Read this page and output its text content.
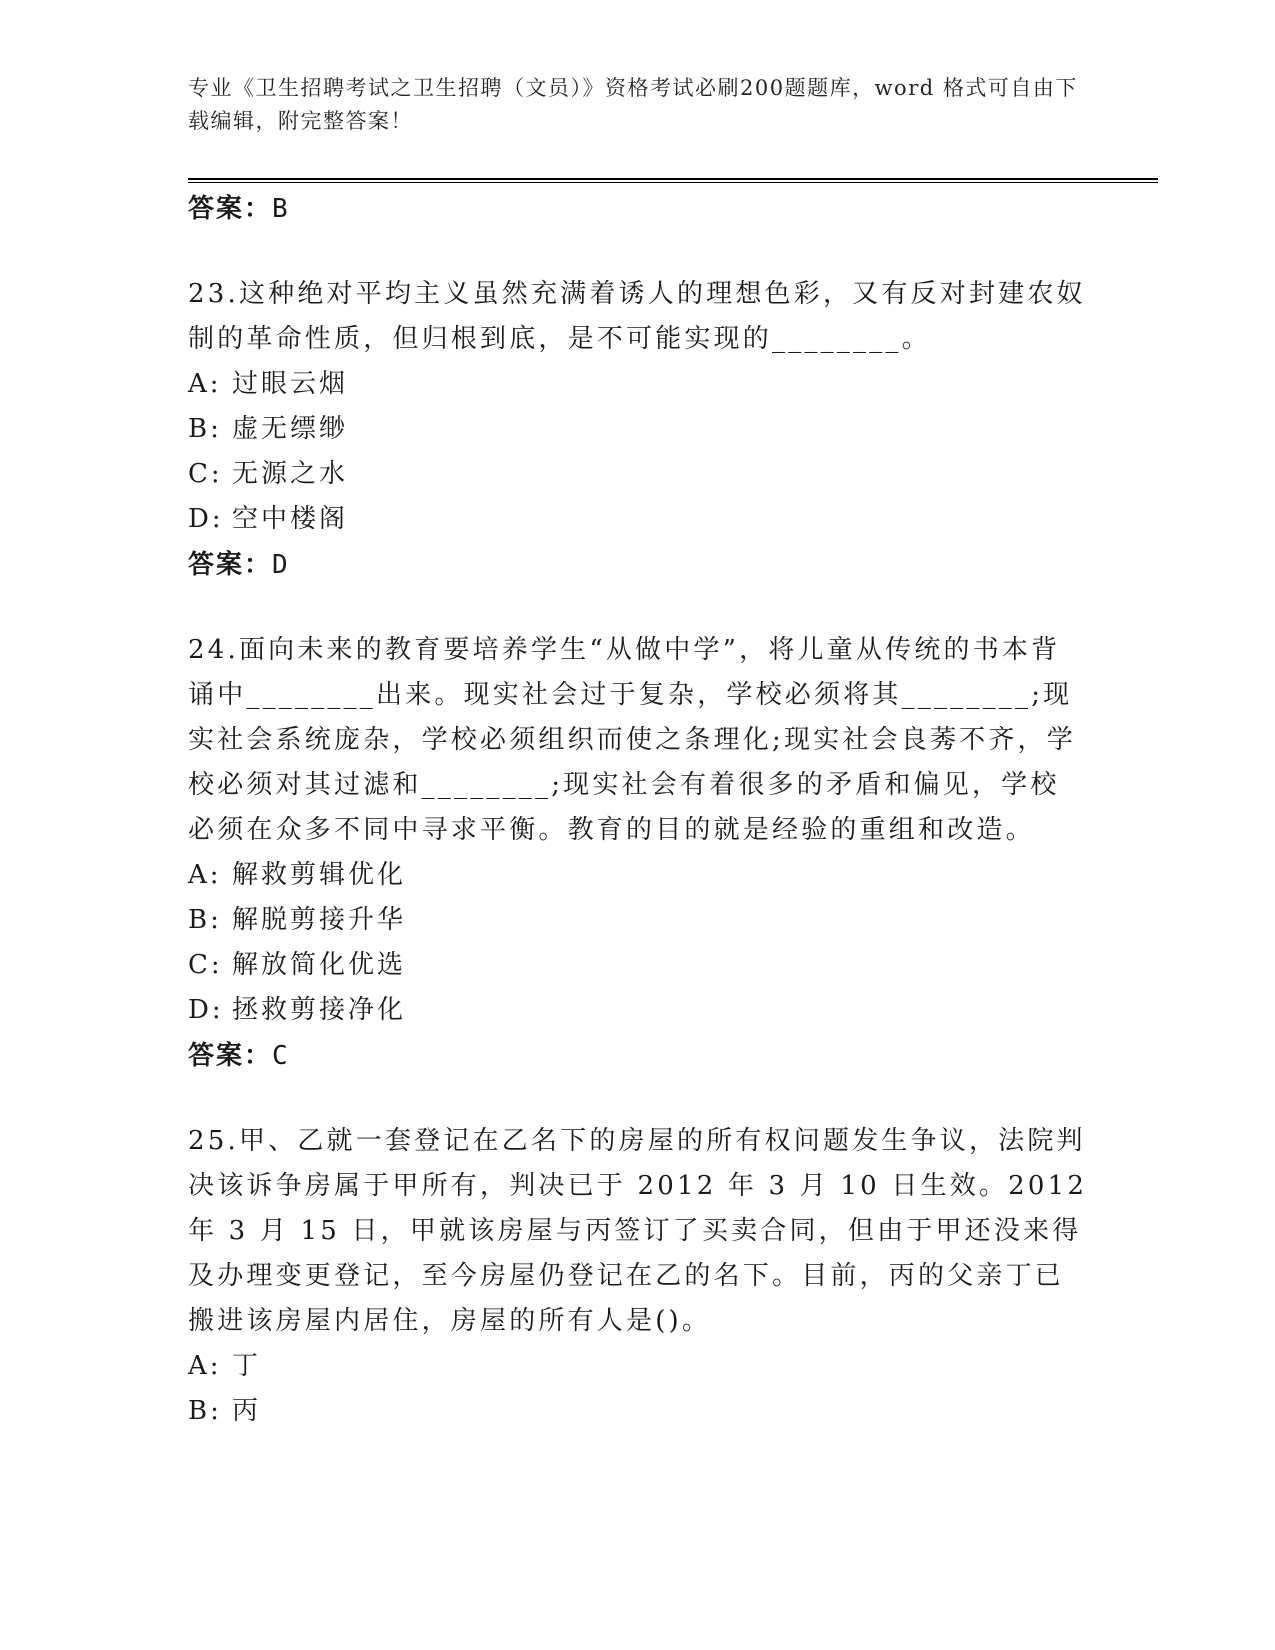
专业《卫生招聘考试之卫生招聘（文员）》资格考试必刷200题题库，word 格式可自由下载编辑，附完整答案！

答案：B

23.这种绝对平均主义虽然充满着诱人的理想色彩，又有反对封建农奴制的革命性质，但归根到底，是不可能实现的________。

A: 过眼云烟

B: 虚无缥缈

C: 无源之水

D: 空中楼阁

答案：D

24.面向未来的教育要培养学生“从做中学”，将儿童从传统的书本背诵中________出来。现实社会过于复杂，学校必须将其________;现实社会系统庞杂，学校必须组织而使之条理化;现实社会良莠不齐，学校必须对其过滤和________;现实社会有着很多的矛盾和偏见，学校必须在众多不同中寻求平衡。教育的目的就是经验的重组和改造。

A: 解救剪辑优化

B: 解脱剪接升华

C: 解放简化优选

D: 拯救剪接净化

答案：C

25.甲、乙就一套登记在乙名下的房屋的所有权问题发生争议，法院判决该诉争房属于甲所有，判决已于 2012 年 3 月 10 日生效。2012 年 3 月 15 日，甲就该房屋与丙签订了买卖合同，但由于甲还没来得及办理变更登记，至今房屋仍登记在乙的名下。目前，丙的父亲丁已搬进该房屋内居住，房屋的所有人是()。

A: 丁

B: 丙
